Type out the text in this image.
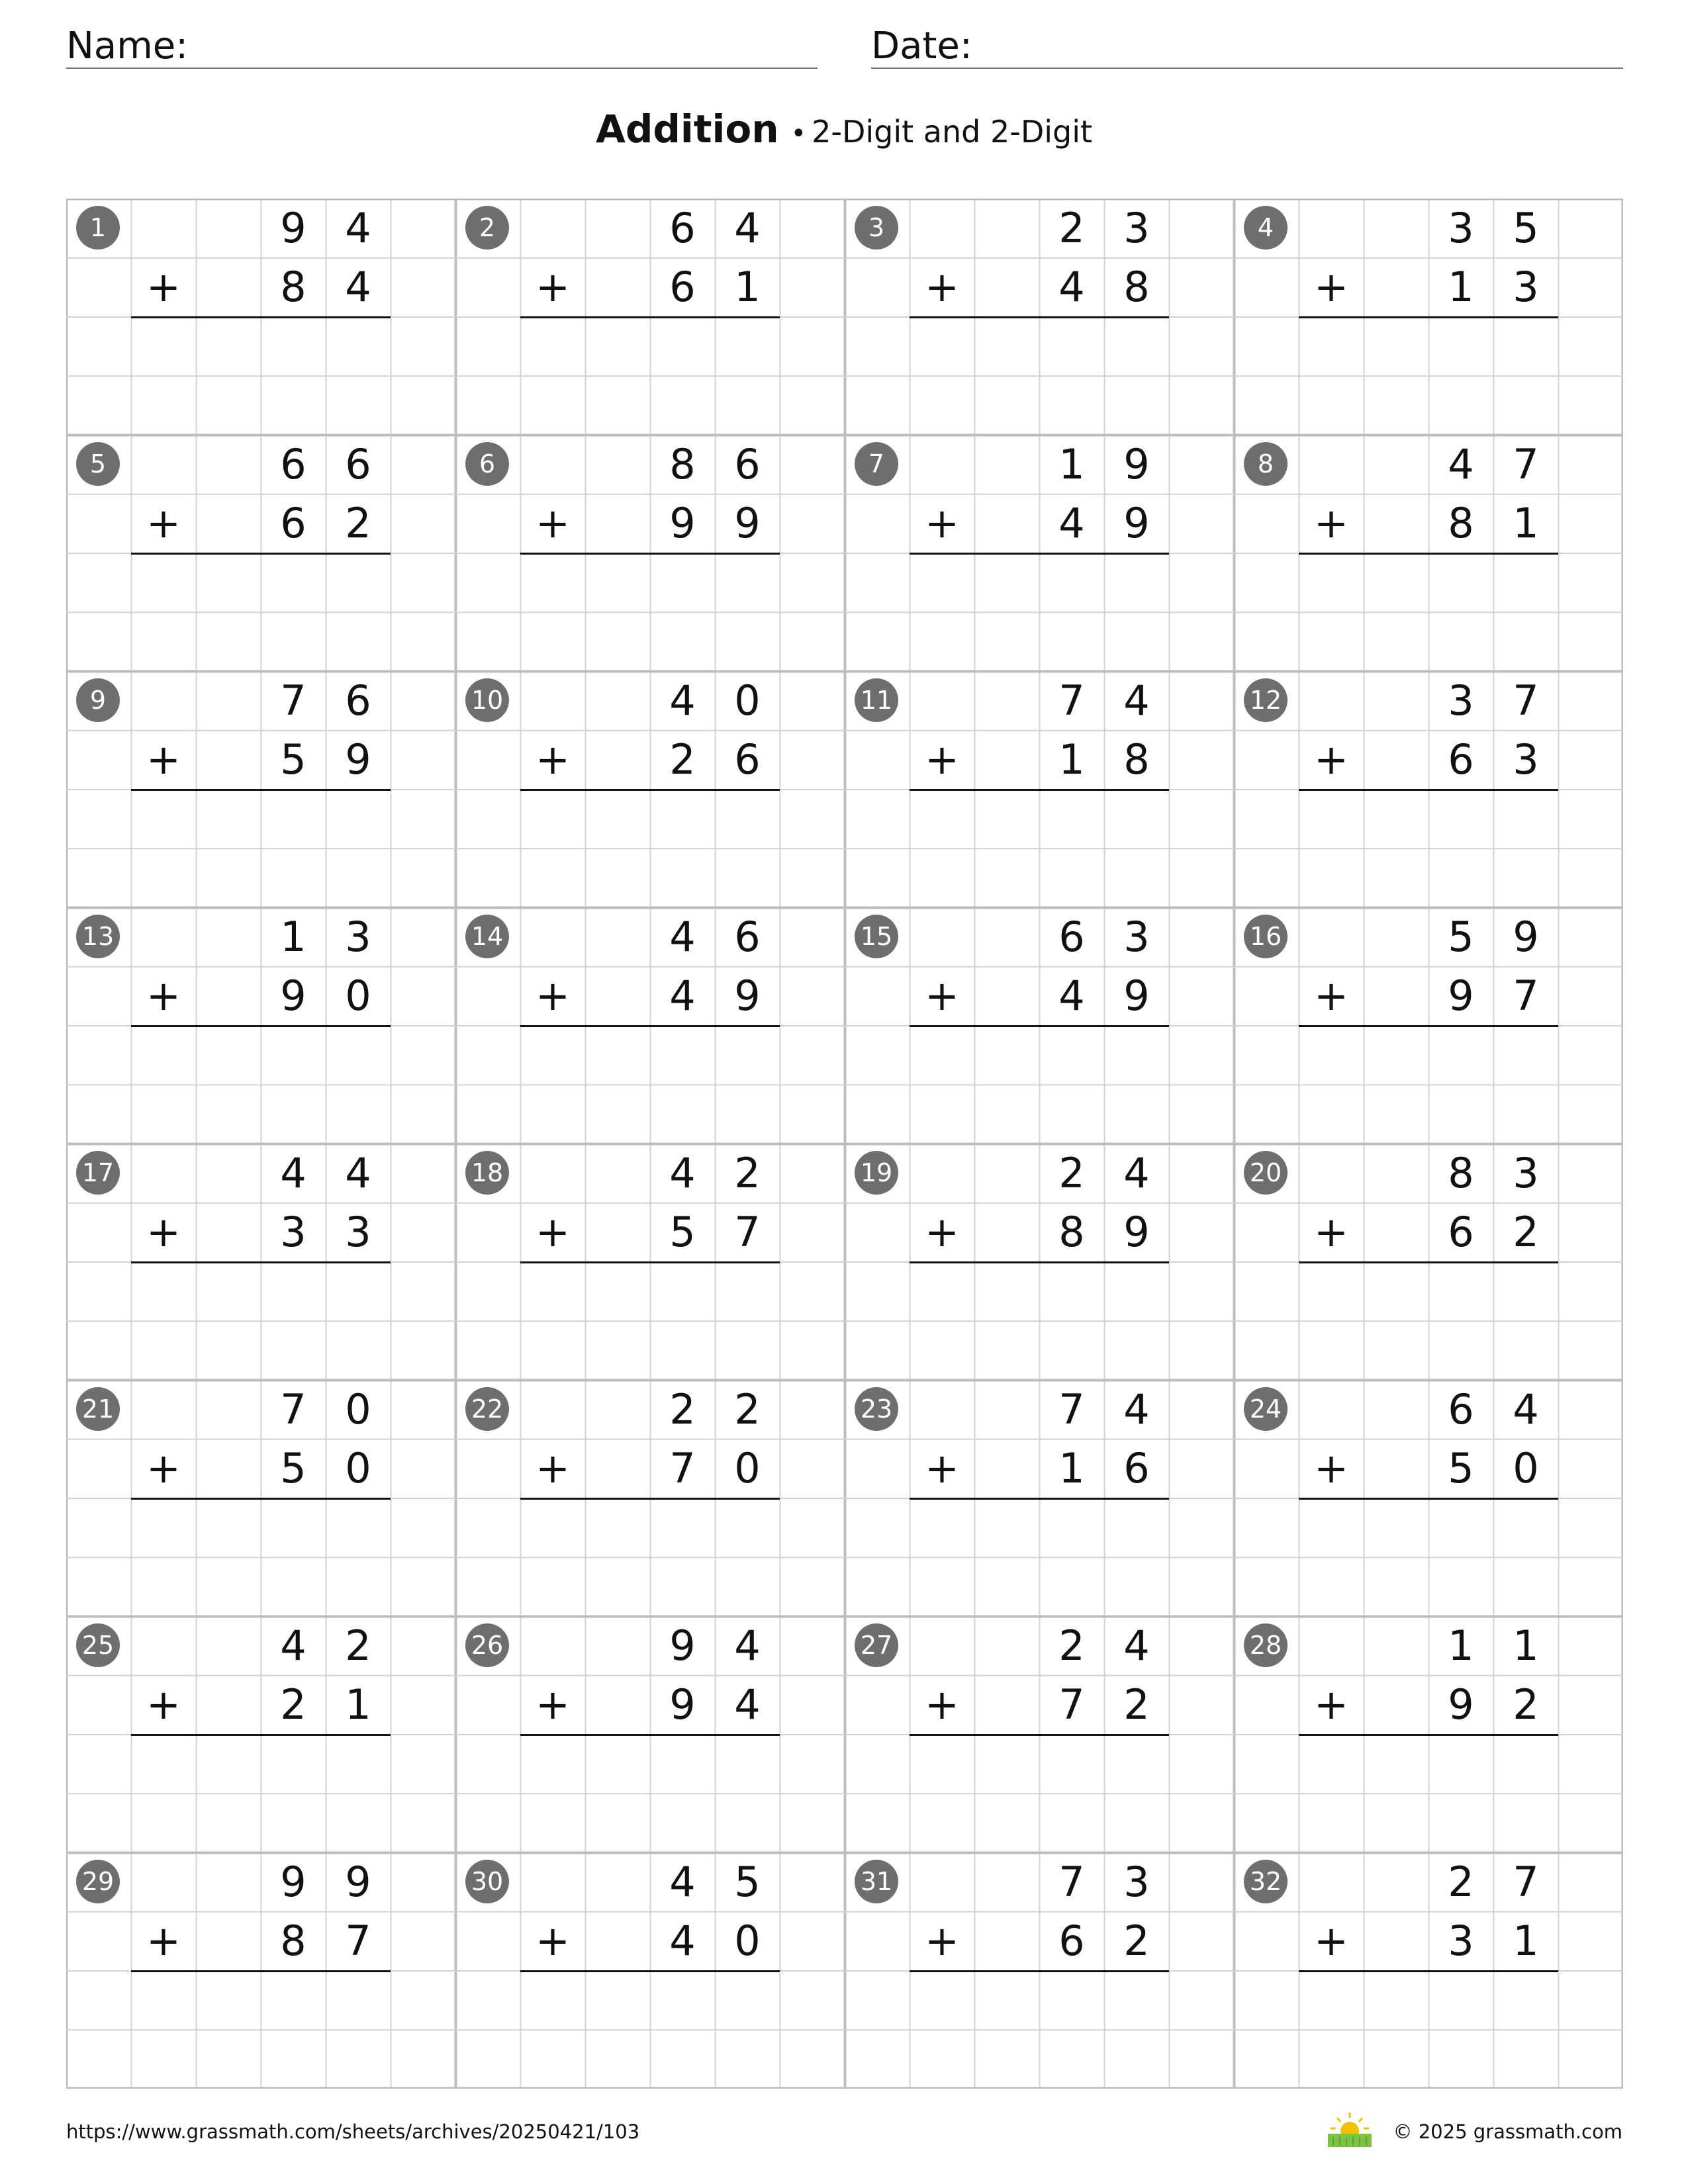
Name:	Date:
Addition • 2-Digit and 2-Digit
1	9 4
8 4
+
2	6 4
6 1
+
3	2 3
4 8
+
4	3 5
1 3
+
5	6 6
6 2
+
6	8 6
9 9
+
7	1 9
4 9
+
8	4 7
8 1
+
9	7 6
5 9
+
10	4 0
2 6
+
11	7 4
1 8
+
12	3 7
6 3
+
13	1 3
9 0
+
14	4 6
4 9
+
15	6 3
4 9
+
16	5 9
9 7
+
17	4 4
3 3
+
18	4 2
5 7
+
19	2 4
8 9
+
20	8 3
6 2
+
21	7 0
5 0
+
22	2 2
7 0
+
23	7 4
1 6
+
24	6 4
5 0
+
25	4 2
2 1
+
26	9 4
9 4
+
27	2 4
7 2
+
28	1 1
9 2
+
29	9 9
8 7
+
30	4 5
4 0
+
31	7 3
6 2
+
32	2 7
3 1
+
https://www.grassmath.com/sheets/archives/20250421/103	© 2025 grassmath.com
